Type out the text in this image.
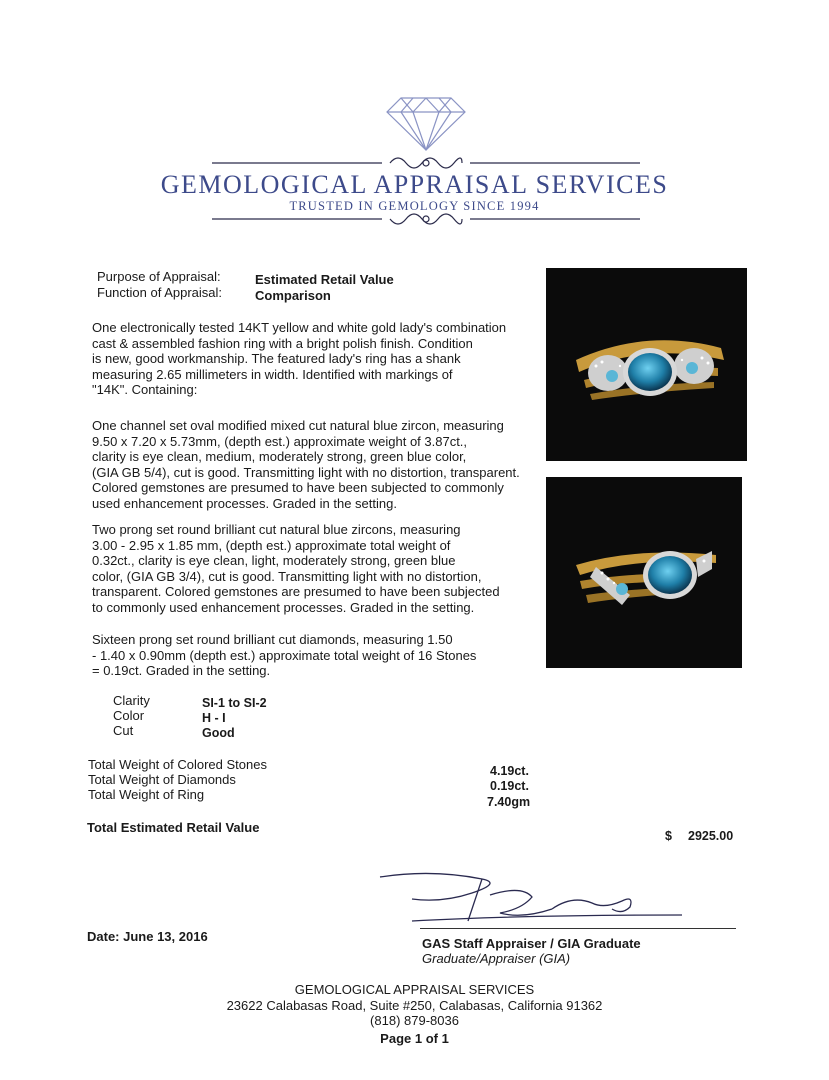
GEMOLOGICAL APPRAISAL SERVICES
TRUSTED IN GEMOLOGY SINCE 1994
Purpose of Appraisal:	Estimated Retail Value
Function of Appraisal:	Comparison
One electronically tested 14KT yellow and white gold lady's combination
cast & assembled fashion ring with a bright polish finish. Condition
is new, good workmanship. The featured lady's ring has a shank
measuring 2.65 millimeters in width. Identified with markings of
"14K". Containing:
One channel set oval modified mixed cut natural blue zircon, measuring
9.50 x 7.20 x 5.73mm, (depth est.) approximate weight of 3.87ct.,
clarity is eye clean, medium, moderately strong, green blue color,
(GIA GB 5/4), cut is good. Transmitting light with no distortion, transparent.
Colored gemstones are presumed to have been subjected to commonly
used enhancement processes. Graded in the setting.
Two prong set round brilliant cut natural blue zircons, measuring
3.00 - 2.95 x 1.85 mm, (depth est.) approximate total weight of
0.32ct., clarity is eye clean, light, moderately strong, green blue
color, (GIA GB 3/4), cut is good. Transmitting light with no distortion,
transparent. Colored gemstones are presumed to have been subjected
to commonly used enhancement processes. Graded in the setting.
Sixteen prong set round brilliant cut diamonds, measuring 1.50
- 1.40 x 0.90mm (depth est.) approximate total weight of 16 Stones
= 0.19ct. Graded in the setting.
Clarity	SI-1 to SI-2
Color	H - I
Cut	Good
Total Weight of Colored Stones	4.19ct.
Total Weight of Diamonds	0.19ct.
Total Weight of Ring	7.40gm
Total Estimated Retail Value
$ 2925.00
Date: June 13, 2016	GAS Staff Appraiser / GIA Graduate
Graduate/Appraiser (GIA)
GEMOLOGICAL APPRAISAL SERVICES
23622 Calabasas Road, Suite #250, Calabasas, California 91362
(818) 879-8036
Page 1 of 1
